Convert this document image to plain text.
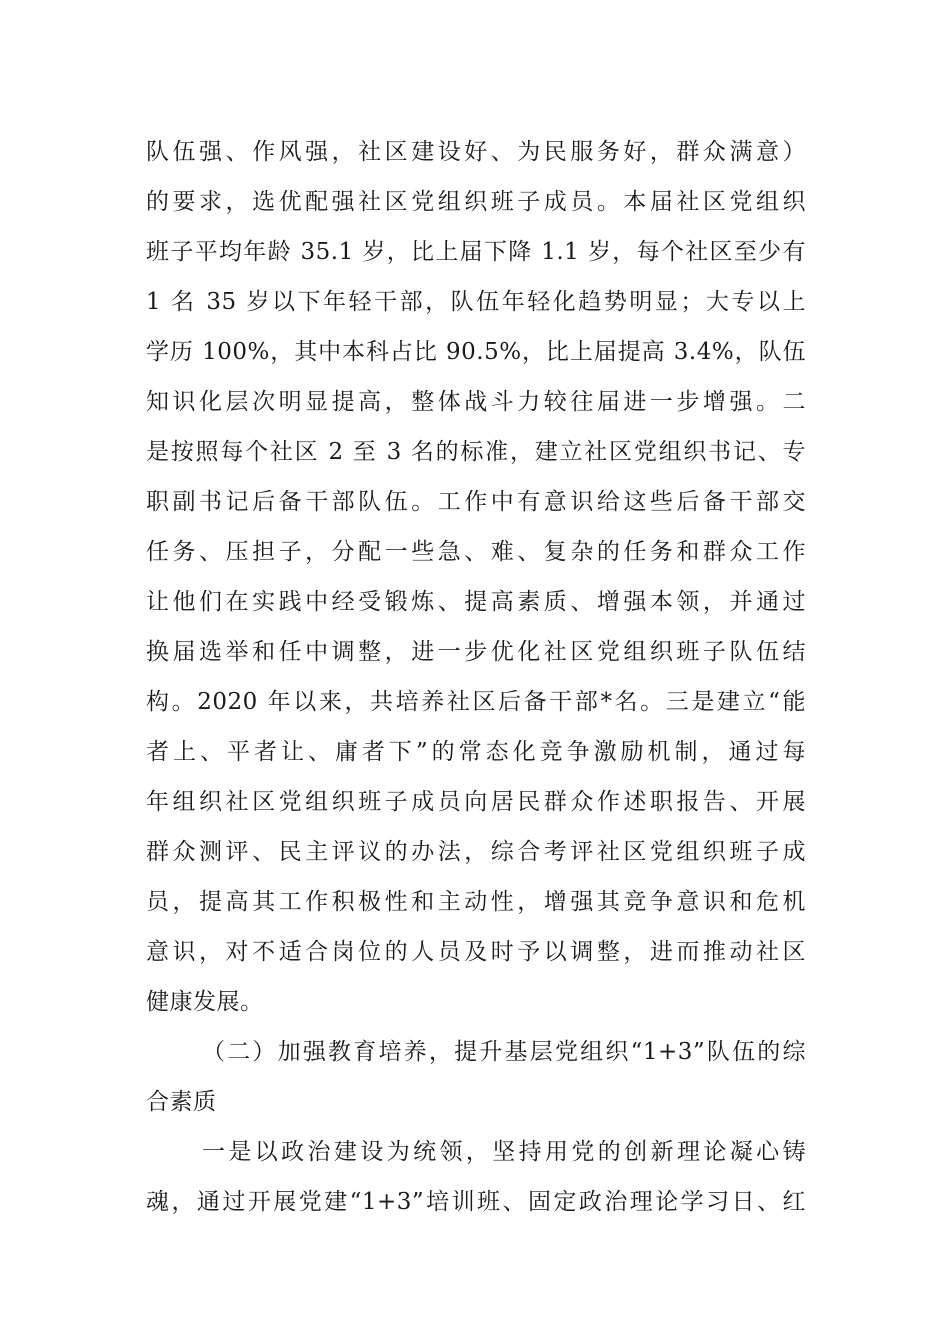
队伍强、作风强，社区建设好、为民服务好，群众满意）
的要求，选优配强社区党组织班子成员。本届社区党组织
班子平均年龄 35.1 岁，比上届下降 1.1 岁，每个社区至少有
1 名 35 岁以下年轻干部，队伍年轻化趋势明显；大专以上
学历 100%，其中本科占比 90.5%，比上届提高 3.4%，队伍
知识化层次明显提高，整体战斗力较往届进一步增强。二
是按照每个社区 2 至 3 名的标准，建立社区党组织书记、专
职副书记后备干部队伍。工作中有意识给这些后备干部交
任务、压担子，分配一些急、难、复杂的任务和群众工作
让他们在实践中经受锻炼、提高素质、增强本领，并通过
换届选举和任中调整，进一步优化社区党组织班子队伍结
构。2020 年以来，共培养社区后备干部*名。三是建立“能
者上、平者让、庸者下”的常态化竞争激励机制，通过每
年组织社区党组织班子成员向居民群众作述职报告、开展
群众测评、民主评议的办法，综合考评社区党组织班子成
员，提高其工作积极性和主动性，增强其竞争意识和危机
意识，对不适合岗位的人员及时予以调整，进而推动社区
健康发展。
（二）加强教育培养，提升基层党组织“1+3”队伍的综
合素质
一是以政治建设为统领，坚持用党的创新理论凝心铸
魂，通过开展党建“1+3”培训班、固定政治理论学习日、红
